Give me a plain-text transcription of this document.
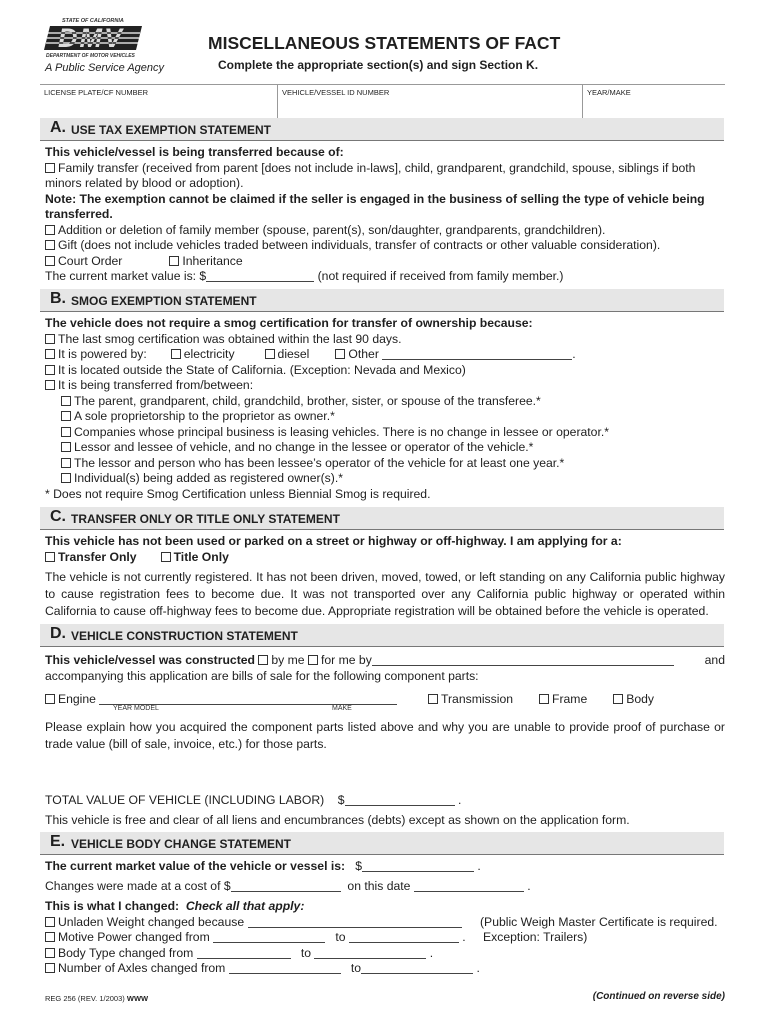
STATE OF CALIFORNIA
DMV
DEPARTMENT OF MOTOR VEHICLES
A Public Service Agency
MISCELLANEOUS STATEMENTS OF FACT
Complete the appropriate section(s) and sign Section K.
LICENSE PLATE/CF NUMBER	VEHICLE/VESSEL ID NUMBER	YEAR/MAKE
A. USE TAX EXEMPTION STATEMENT
This vehicle/vessel is being transferred because of:
Family transfer (received from parent [does not include in-laws], child, grandparent, grandchild, spouse, siblings if both
minors related by blood or adoption).
Note: The exemption cannot be claimed if the seller is engaged in the business of selling the type of vehicle being
transferred.
Addition or deletion of family member (spouse, parent(s), son/daughter, grandparents, grandchildren).
Gift (does not include vehicles traded between individuals, transfer of contracts or other valuable consideration).
Court Order	Inheritance
The current market value is: $	(not required if received from family member.)
B. SMOG EXEMPTION STATEMENT
The vehicle does not require a smog certification for transfer of ownership because:
The last smog certification was obtained within the last 90 days.
It is powered by:	electricity	diesel	Other	.
It is located outside the State of California. (Exception: Nevada and Mexico)
It is being transferred from/between:
The parent, grandparent, child, grandchild, brother, sister, or spouse of the transferee.*
A sole proprietorship to the proprietor as owner.*
Companies whose principal business is leasing vehicles. There is no change in lessee or operator.*
Lessor and lessee of vehicle, and no change in the lessee or operator of the vehicle.*
The lessor and person who has been lessee’s operator of the vehicle for at least one year.*
Individual(s) being added as registered owner(s).*
* Does not require Smog Certification unless Biennial Smog is required.
C. TRANSFER ONLY OR TITLE ONLY STATEMENT
This vehicle has not been used or parked on a street or highway or off-highway. I am applying for a:
Transfer Only	Title Only

The vehicle is not currently registered. It has not been driven, moved, towed, or left standing on any California public highway to cause registration fees to become due. It was not transported over any California public highway or operated within California to cause off-highway fees to become due. Appropriate registration will be obtained before the vehicle is operated.

D. VEHICLE CONSTRUCTION STATEMENT
This vehicle/vessel was constructed by me for me by	and
accompanying this application are bills of sale for the following component parts:
Engine
YEAR MODEL	MAKE
Transmission	Frame	Body

Please explain how you acquired the component parts listed above and why you are unable to provide proof of purchase or trade value (bill of sale, invoice, etc.) for those parts.

TOTAL VALUE OF VEHICLE (INCLUDING LABOR) $	.
This vehicle is free and clear of all liens and encumbrances (debts) except as shown on the application form.
E. VEHICLE BODY CHANGE STATEMENT
The current market value of the vehicle or vessel is: $	.
Changes were made at a cost of $	on this date	.
This is what I changed: Check all that apply:
Unladen Weight changed because	(Public Weigh Master Certificate is required.
Motive Power changed from	to	.	Exception: Trailers)
Body Type changed from	to	.
Number of Axles changed from	to	.
REG 256 (REV. 1/2003) WWW	(Continued on reverse side)
